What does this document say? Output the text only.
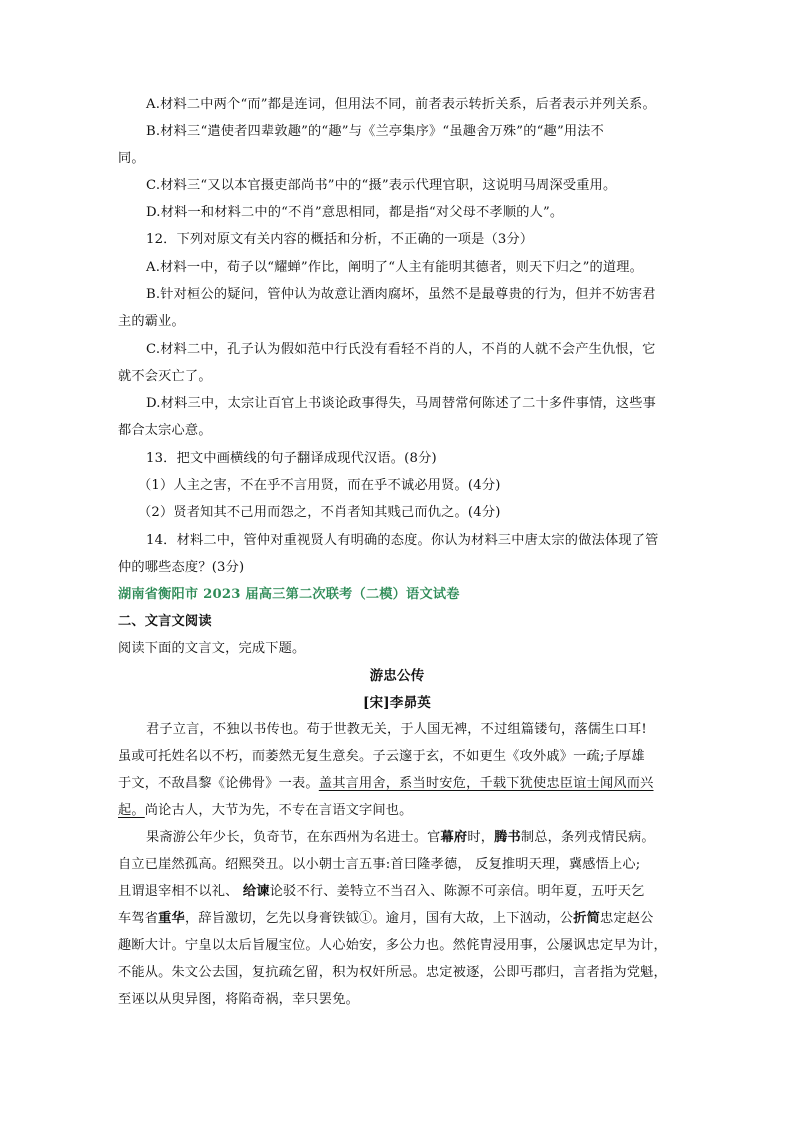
A.材料二中两个“而”都是连词，但用法不同，前者表示转折关系，后者表示并列关系。
B.材料三“遣使者四辈敦趣”的“趣”与《兰亭集序》“虽趣舍万殊”的“趣”用法不
同。
C.材料三“又以本官摄吏部尚书”中的“摄”表示代理官职，这说明马周深受重用。
D.材料一和材料二中的“不肖”意思相同，都是指“对父母不孝顺的人”。
12．下列对原文有关内容的概括和分析，不正确的一项是（3分）
A.材料一中，荀子以“耀蝉”作比，阐明了“人主有能明其德者，则天下归之”的道理。
B.针对桓公的疑问，管仲认为故意让酒肉腐坏，虽然不是最尊贵的行为，但并不妨害君
主的霸业。
C.材料二中，孔子认为假如范中行氏没有看轻不肖的人，不肖的人就不会产生仇恨，它
就不会灭亡了。
D.材料三中，太宗让百官上书谈论政事得失，马周替常何陈述了二十多件事情，这些事
都合太宗心意。
13．把文中画横线的句子翻译成现代汉语。(8分)
（1）人主之害，不在乎不言用贤，而在乎不诚必用贤。(4分)
（2）贤者知其不己用而怨之，不肖者知其贱己而仇之。(4分)
14．材料二中，管仲对重视贤人有明确的态度。你认为材料三中唐太宗的做法体现了管
仲的哪些态度？(3分)
湖南省衡阳市 2023 届高三第二次联考（二模）语文试卷
二、文言文阅读
阅读下面的文言文，完成下题。
游忠公传
[宋]李昴英
君子立言，不独以书传也。苟于世教无关，于人国无裨，不过组篇镂句，落儒生口耳!
虽或可托姓名以不朽，而萎然无复生意矣。子云邃于玄，不如更生《攻外戚》一疏;子厚雄
于文，不敌昌黎《论佛骨》一表。盖其言用舍，系当时安危，千载下犹使忠臣谊士闻风而兴
起。尚论古人，大节为先，不专在言语文字间也。
果斋游公年少长，负奇节，在东西州为名进士。官幕府时，腾书制总，条列戎情民病。
自立已崖然孤高。绍熙癸丑。以小朝士言五事:首曰隆孝德， 反复推明天理，冀感悟上心;
且谓退宰相不以礼、 给谏论驳不行、姜特立不当召入、陈源不可亲信。明年夏，五吁天乞
车驾省重华，辞旨激切，乞先以身膏铁钺①。逾月，国有大故，上下汹动，公折简忠定赵公
趣断大计。宁皇以太后旨履宝位。人心始安，多公力也。然侂胄浸用事，公屡讽忠定早为计，
不能从。朱文公去国，复抗疏乞留，积为权奸所忌。忠定被逐，公即丐郡归，言者指为党魁，
至诬以从臾异图，将陷奇祸，幸只罢免。
